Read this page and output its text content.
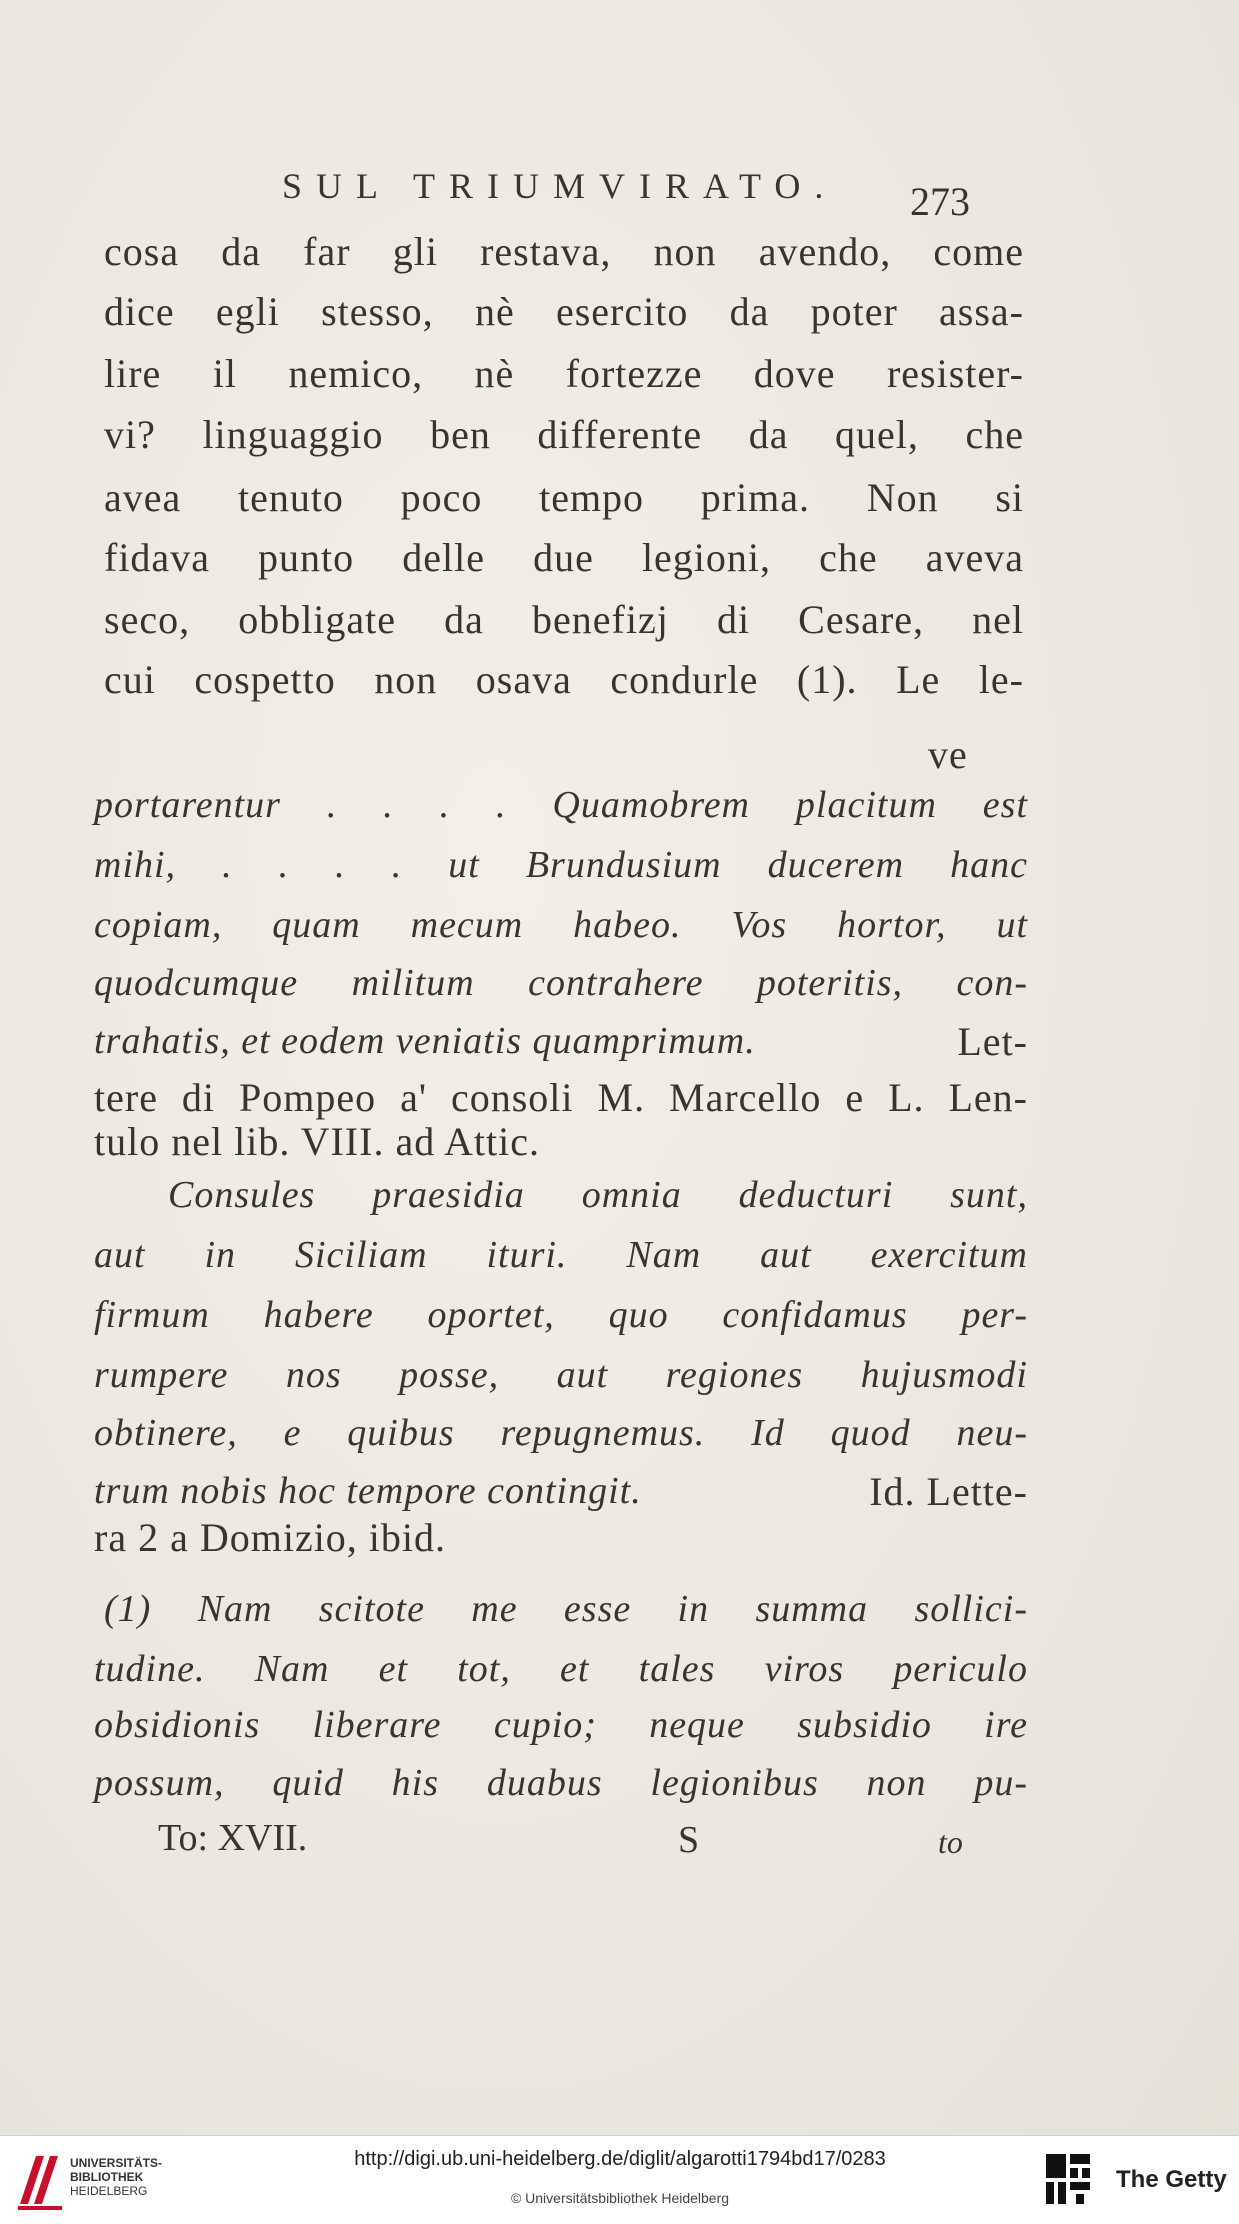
SUL TRIUMVIRATO.	273
cosa da far gli restava, non avendo, come
dice egli stesso, nè esercito da poter assa-
lire il nemico, nè fortezze dove resister-
vi? linguaggio ben differente da quel, che
avea tenuto poco tempo prima. Non si
fidava punto delle due legioni, che aveva
seco, obbligate da benefizj di Cesare, nel
cui cospetto non osava condurle (1). Le le-
ve
portarentur . . . . Quamobrem placitum est
mihi, . . . . ut Brundusium ducerem hanc
copiam, quam mecum habeo. Vos hortor, ut
quodcumque militum contrahere poteritis, con-
trahatis, et eodem veniatis quamprimum.	Let-
tere di Pompeo a' consoli M. Marcello e L. Len-
tulo nel lib. VIII. ad Attic.
Consules praesidia omnia deducturi sunt,
aut in Siciliam ituri. Nam aut exercitum
firmum habere oportet, quo confidamus per-
rumpere nos posse, aut regiones hujusmodi
obtinere, e quibus repugnemus. Id quod neu-
trum nobis hoc tempore contingit.	Id. Lette-
ra 2 a Domizio, ibid.
(1) Nam scitote me esse in summa sollici-
tudine. Nam et tot, et tales viros periculo
obsidionis liberare cupio; neque subsidio ire
possum, quid his duabus legionibus non pu-
To: XVII.	S	to
UNIVERSITÄTS-
BIBLIOTHEK
HEIDELBERG
http://digi.ub.uni-heidelberg.de/diglit/algarotti1794bd17/0283
© Universitätsbibliothek Heidelberg
The Getty
